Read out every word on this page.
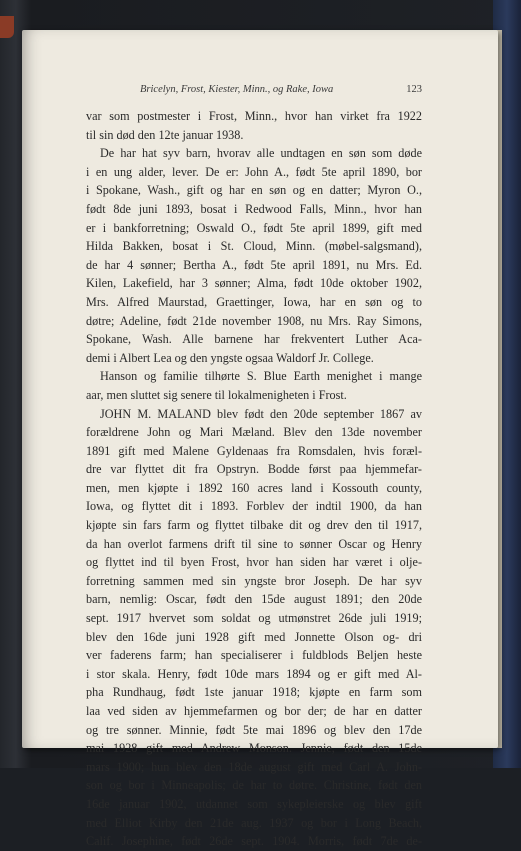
Bricelyn, Frost, Kiester, Minn., og Rake, Iowa	123
var som postmester i Frost, Minn., hvor han virket fra 1922
til sin død den 12te januar 1938.
De har hat syv barn, hvorav alle undtagen en søn som døde
i en ung alder, lever. De er: John A., født 5te april 1890, bor
i Spokane, Wash., gift og har en søn og en datter; Myron O.,
født 8de juni 1893, bosat i Redwood Falls, Minn., hvor han
er i bankforretning; Oswald O., født 5te april 1899, gift med
Hilda Bakken, bosat i St. Cloud, Minn. (møbel-salgsmand),
de har 4 sønner; Bertha A., født 5te april 1891, nu Mrs. Ed.
Kilen, Lakefield, har 3 sønner; Alma, født 10de oktober 1902,
Mrs. Alfred Maurstad, Graettinger, Iowa, har en søn og to
døtre; Adeline, født 21de november 1908, nu Mrs. Ray Simons,
Spokane, Wash. Alle barnene har frekventert Luther Aca-
demi i Albert Lea og den yngste ogsaa Waldorf Jr. College.
Hanson og familie tilhørte S. Blue Earth menighet i mange
aar, men sluttet sig senere til lokalmenigheten i Frost.
JOHN M. MALAND blev født den 20de september 1867 av
forældrene John og Mari Mæland. Blev den 13de november
1891 gift med Malene Gyldenaas fra Romsdalen, hvis foræl-
dre var flyttet dit fra Opstryn. Bodde først paa hjemmefar-
men, men kjøpte i 1892 160 acres land i Kossouth county,
Iowa, og flyttet dit i 1893. Forblev der indtil 1900, da han
kjøpte sin fars farm og flyttet tilbake dit og drev den til 1917,
da han overlot farmens drift til sine to sønner Oscar og Henry
og flyttet ind til byen Frost, hvor han siden har været i olje-
forretning sammen med sin yngste bror Joseph. De har syv
barn, nemlig: Oscar, født den 15de august 1891; den 20de
sept. 1917 hvervet som soldat og utmønstret 26de juli 1919;
blev den 16de juni 1928 gift med Jonnette Olson og- dri
ver faderens farm; han specialiserer i fuldblods Beljen heste
i stor skala. Henry, født 10de mars 1894 og er gift med Al-
pha Rundhaug, født 1ste januar 1918; kjøpte en farm som
laa ved siden av hjemmefarmen og bor der; de har en datter
og tre sønner. Minnie, født 5te mai 1896 og blev den 17de
mai 1928 gift med Andrew Monson. Jennie, født den 15de
mars 1900; hun blev den 18de august gift med Carl A. John-
son og bor i Minneapolis; de har to døtre. Christine, født den
16de januar 1902, utdannet som sykepleierske og blev gift
med Elliot Kirby den 21de aug. 1937 og bor i Long Beach,
Calif. Josephine, født 26de sept. 1904. Morris, født 7de de-
